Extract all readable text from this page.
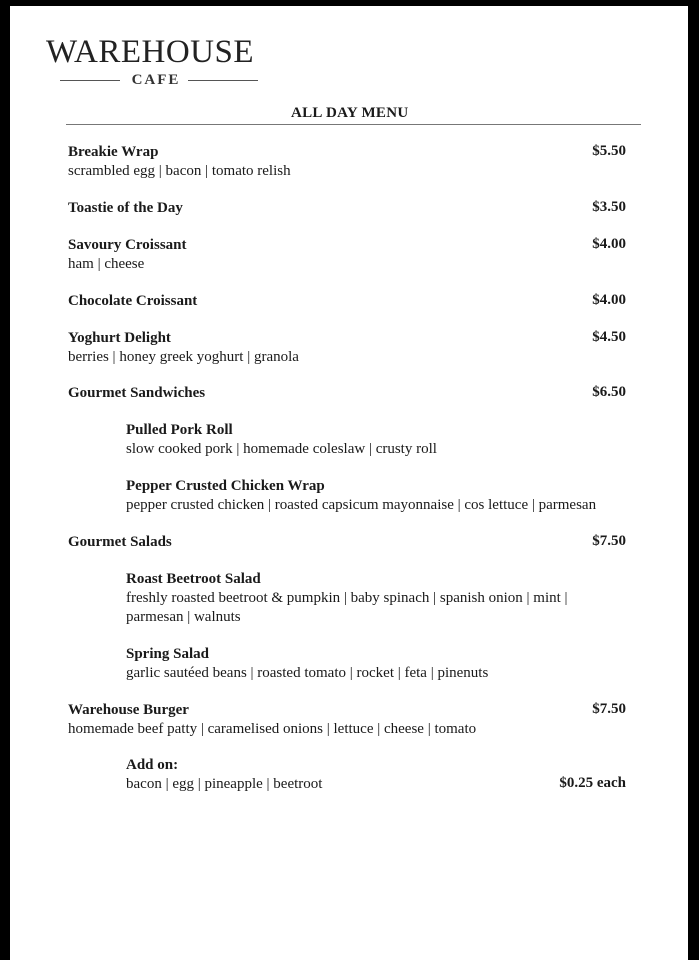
WAREHOUSE
CAFE
ALL DAY MENU
Breakie Wrap
scrambled egg | bacon | tomato relish
$5.50
Toastie of the Day	$3.50
Savoury Croissant
ham | cheese
$4.00
Chocolate Croissant	$4.00
Yoghurt Delight
berries | honey greek yoghurt | granola
$4.50
Gourmet Sandwiches	$6.50
Pulled Pork Roll
slow cooked pork | homemade coleslaw | crusty roll
Pepper Crusted Chicken Wrap
pepper crusted chicken | roasted capsicum mayonnaise | cos lettuce | parmesan
Gourmet Salads	$7.50
Roast Beetroot Salad
freshly roasted beetroot & pumpkin | baby spinach | spanish onion | mint |
parmesan | walnuts
Spring Salad
garlic sautéed beans | roasted tomato | rocket | feta | pinenuts
Warehouse Burger
homemade beef patty | caramelised onions | lettuce | cheese | tomato
$7.50
Add on:
bacon | egg | pineapple | beetroot	$0.25 each
